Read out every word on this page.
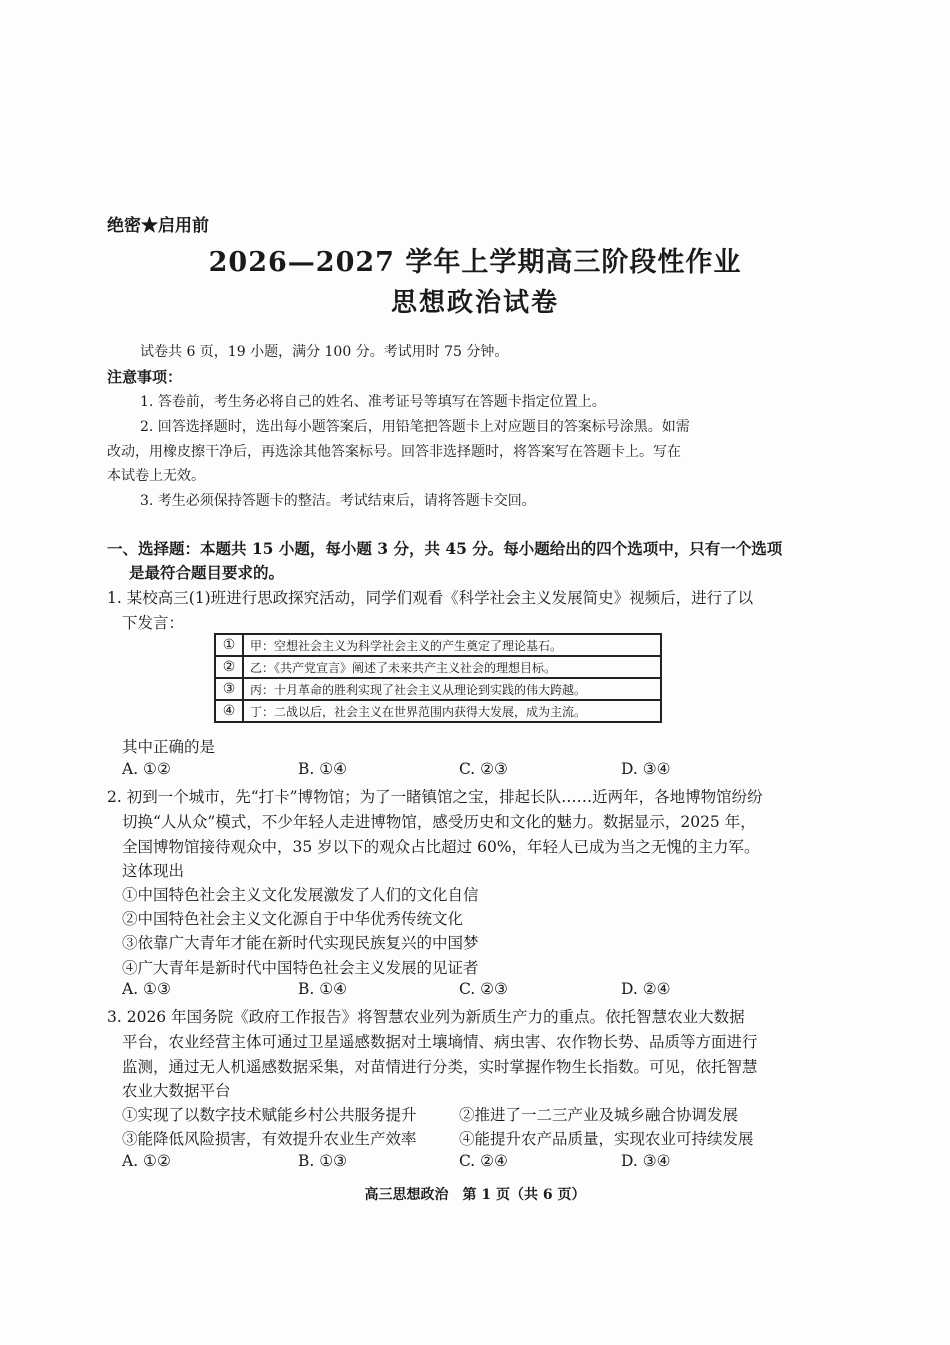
绝密★启用前
2026—2027 学年上学期高三阶段性作业
思想政治试卷
试卷共 6 页，19 小题，满分 100 分。考试用时 75 分钟。
注意事项：
1. 答卷前，考生务必将自己的姓名、准考证号等填写在答题卡指定位置上。
2. 回答选择题时，选出每小题答案后，用铅笔把答题卡上对应题目的答案标号涂黑。如需
改动，用橡皮擦干净后，再选涂其他答案标号。回答非选择题时，将答案写在答题卡上。写在
本试卷上无效。
3. 考生必须保持答题卡的整洁。考试结束后，请将答题卡交回。
一、选择题：本题共 15 小题，每小题 3 分，共 45 分。每小题给出的四个选项中，只有一个选项
是最符合题目要求的。
1. 某校高三(1)班进行思政探究活动，同学们观看《科学社会主义发展简史》视频后，进行了以
下发言：
①	甲：空想社会主义为科学社会主义的产生奠定了理论基石。
②	乙：《共产党宣言》阐述了未来共产主义社会的理想目标。
③	丙：十月革命的胜利实现了社会主义从理论到实践的伟大跨越。
④	丁：二战以后，社会主义在世界范围内获得大发展，成为主流。
其中正确的是
A. ①②	B. ①④	C. ②③	D. ③④
2. 初到一个城市，先“打卡”博物馆；为了一睹镇馆之宝，排起长队……近两年，各地博物馆纷纷
切换“人从众”模式，不少年轻人走进博物馆，感受历史和文化的魅力。数据显示，2025 年，
全国博物馆接待观众中，35 岁以下的观众占比超过 60%，年轻人已成为当之无愧的主力军。
这体现出
①中国特色社会主义文化发展激发了人们的文化自信
②中国特色社会主义文化源自于中华优秀传统文化
③依靠广大青年才能在新时代实现民族复兴的中国梦
④广大青年是新时代中国特色社会主义发展的见证者
A. ①③	B. ①④	C. ②③	D. ②④
3. 2026 年国务院《政府工作报告》将智慧农业列为新质生产力的重点。依托智慧农业大数据
平台，农业经营主体可通过卫星遥感数据对土壤墒情、病虫害、农作物长势、品质等方面进行
监测，通过无人机遥感数据采集，对苗情进行分类，实时掌握作物生长指数。可见，依托智慧
农业大数据平台
①实现了以数字技术赋能乡村公共服务提升	②推进了一二三产业及城乡融合协调发展
③能降低风险损害，有效提升农业生产效率	④能提升农产品质量，实现农业可持续发展
A. ①②	B. ①③	C. ②④	D. ③④
高三思想政治　第 1 页（共 6 页）
